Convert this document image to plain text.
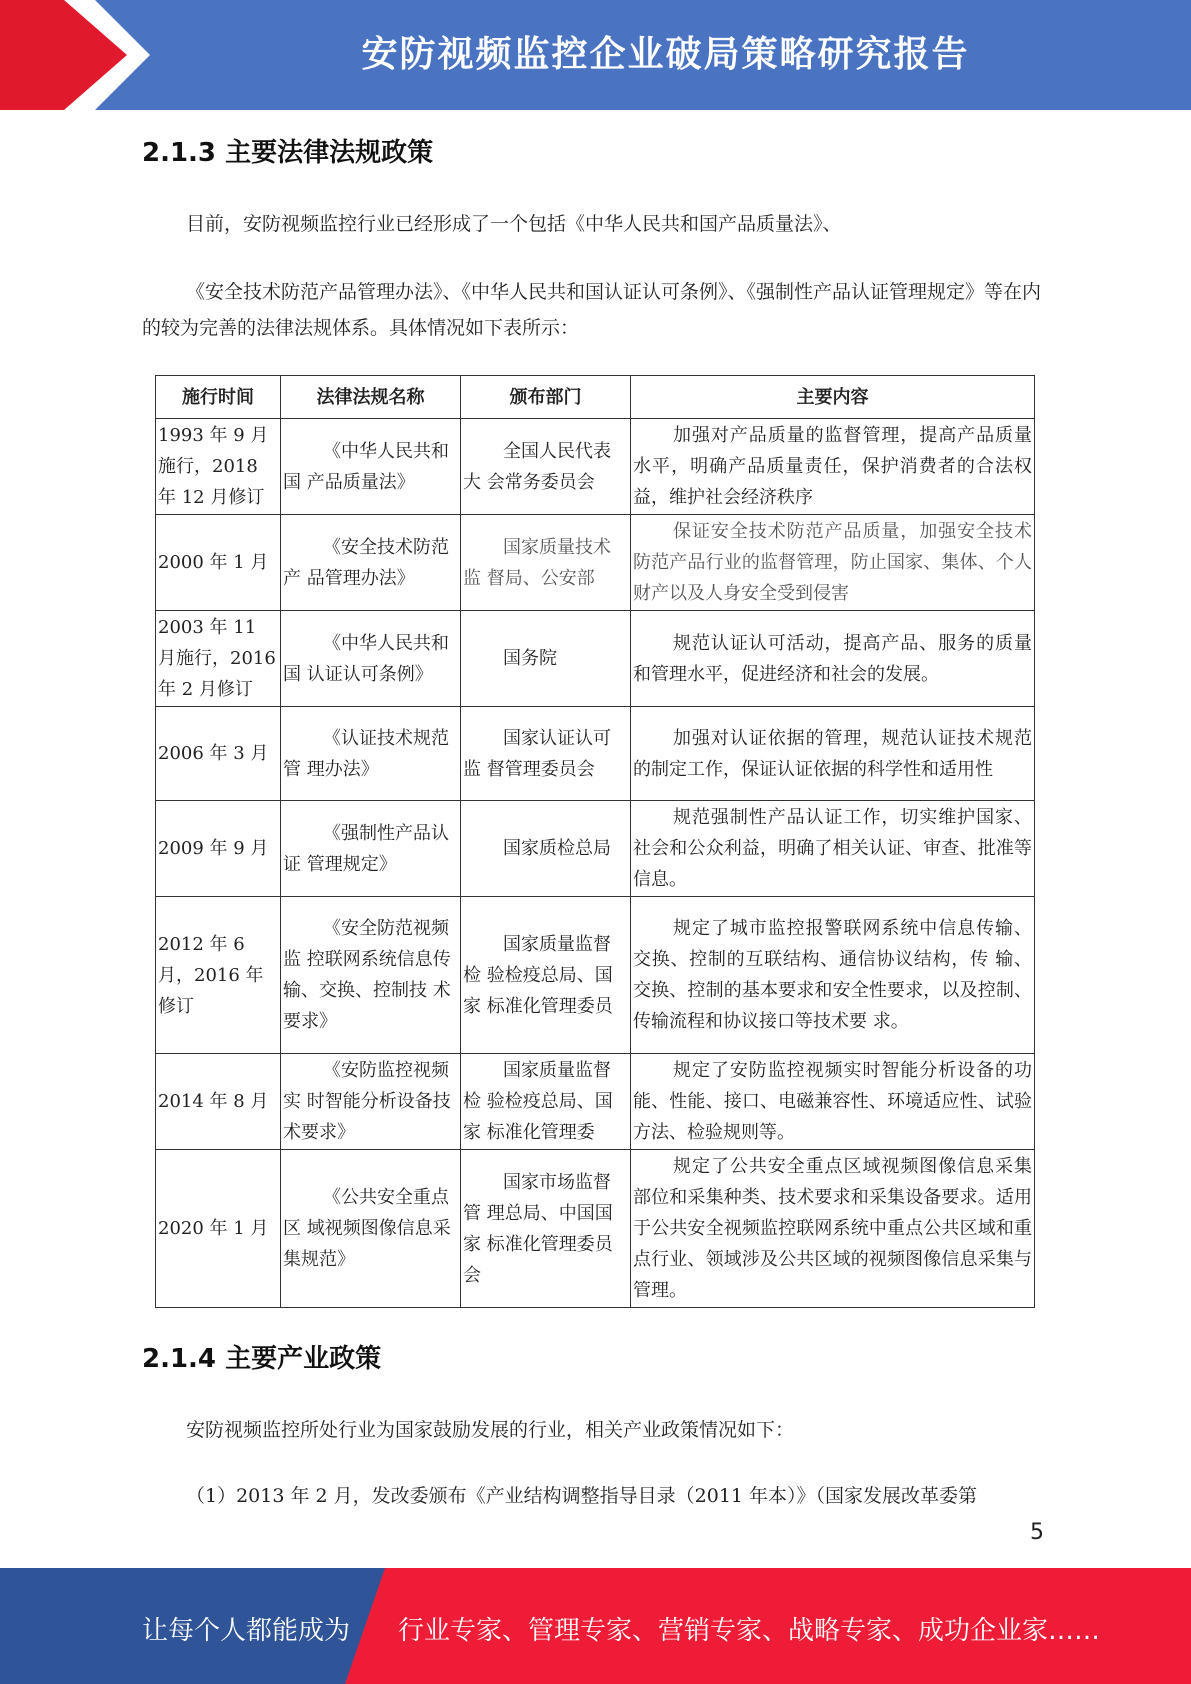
安防视频监控企业破局策略研究报告
2.1.3 主要法律法规政策

目前，安防视频监控行业已经形成了一个包括《中华人民共和国产品质量法》、

《安全技术防范产品管理办法》、《中华人民共和国认证认可条例》、《强制性产品认证管理规定》等在内的较为完善的法律法规体系。具体情况如下表所示：

施行时间	法律法规名称	颁布部门	主要内容
1993 年 9 月施行，2018 年 12 月修订	《中华人民共和国 产品质量法》	全国人民代表大 会常务委员会	加强对产品质量的监督管理，提高产品质量 水平，明确产品质量责任，保护消费者的合法权益，维护社会经济秩序
2000 年 1 月	《安全技术防范产 品管理办法》	国家质量技术监 督局、公安部	保证安全技术防范产品质量，加强安全技术 防范产品行业的监督管理，防止国家、集体、个人财产以及人身安全受到侵害
2003 年 11 月施行，2016 年 2 月修订	《中华人民共和国 认证认可条例》	国务院	规范认证认可活动，提高产品、服务的质量 和管理水平，促进经济和社会的发展。
2006 年 3 月	《认证技术规范管 理办法》	国家认证认可监 督管理委员会	加强对认证依据的管理，规范认证技术规范 的制定工作，保证认证依据的科学性和适用性
2009 年 9 月	《强制性产品认证 管理规定》	国家质检总局	规范强制性产品认证工作，切实维护国家、社会和公众利益，明确了相关认证、审查、批准等信息。
2012 年 6 月，2016 年修订	《安全防范视频监 控联网系统信息传 输、交换、控制技 术要求》	国家质量监督检 验检疫总局、国家 标准化管理委员	规定了城市监控报警联网系统中信息传输、 交换、控制的互联结构、通信协议结构，传 输、交换、控制的基本要求和安全性要求，以及控制、传输流程和协议接口等技术要 求。
2014 年 8 月	《安防监控视频实 时智能分析设备技 术要求》	国家质量监督检 验检疫总局、国家 标准化管理委	规定了安防监控视频实时智能分析设备的功能、性能、接口、电磁兼容性、环境适应性、试验方法、检验规则等。
2020 年 1 月	《公共安全重点区 域视频图像信息采 集规范》	国家市场监督管 理总局、中国国家 标准化管理委员 会	规定了公共安全重点区域视频图像信息采集部位和采集种类、技术要求和采集设备要求。适用于公共安全视频监控联网系统中重点公共区域和重点行业、领域涉及公共区域的视频图像信息采集与管理。
2.1.4 主要产业政策

安防视频监控所处行业为国家鼓励发展的行业，相关产业政策情况如下：

（1）2013 年 2 月，发改委颁布《产业结构调整指导目录（2011 年本）》（国家发展改革委第

5
让每个人都能成为 行业专家、管理专家、营销专家、战略专家、成功企业家……
